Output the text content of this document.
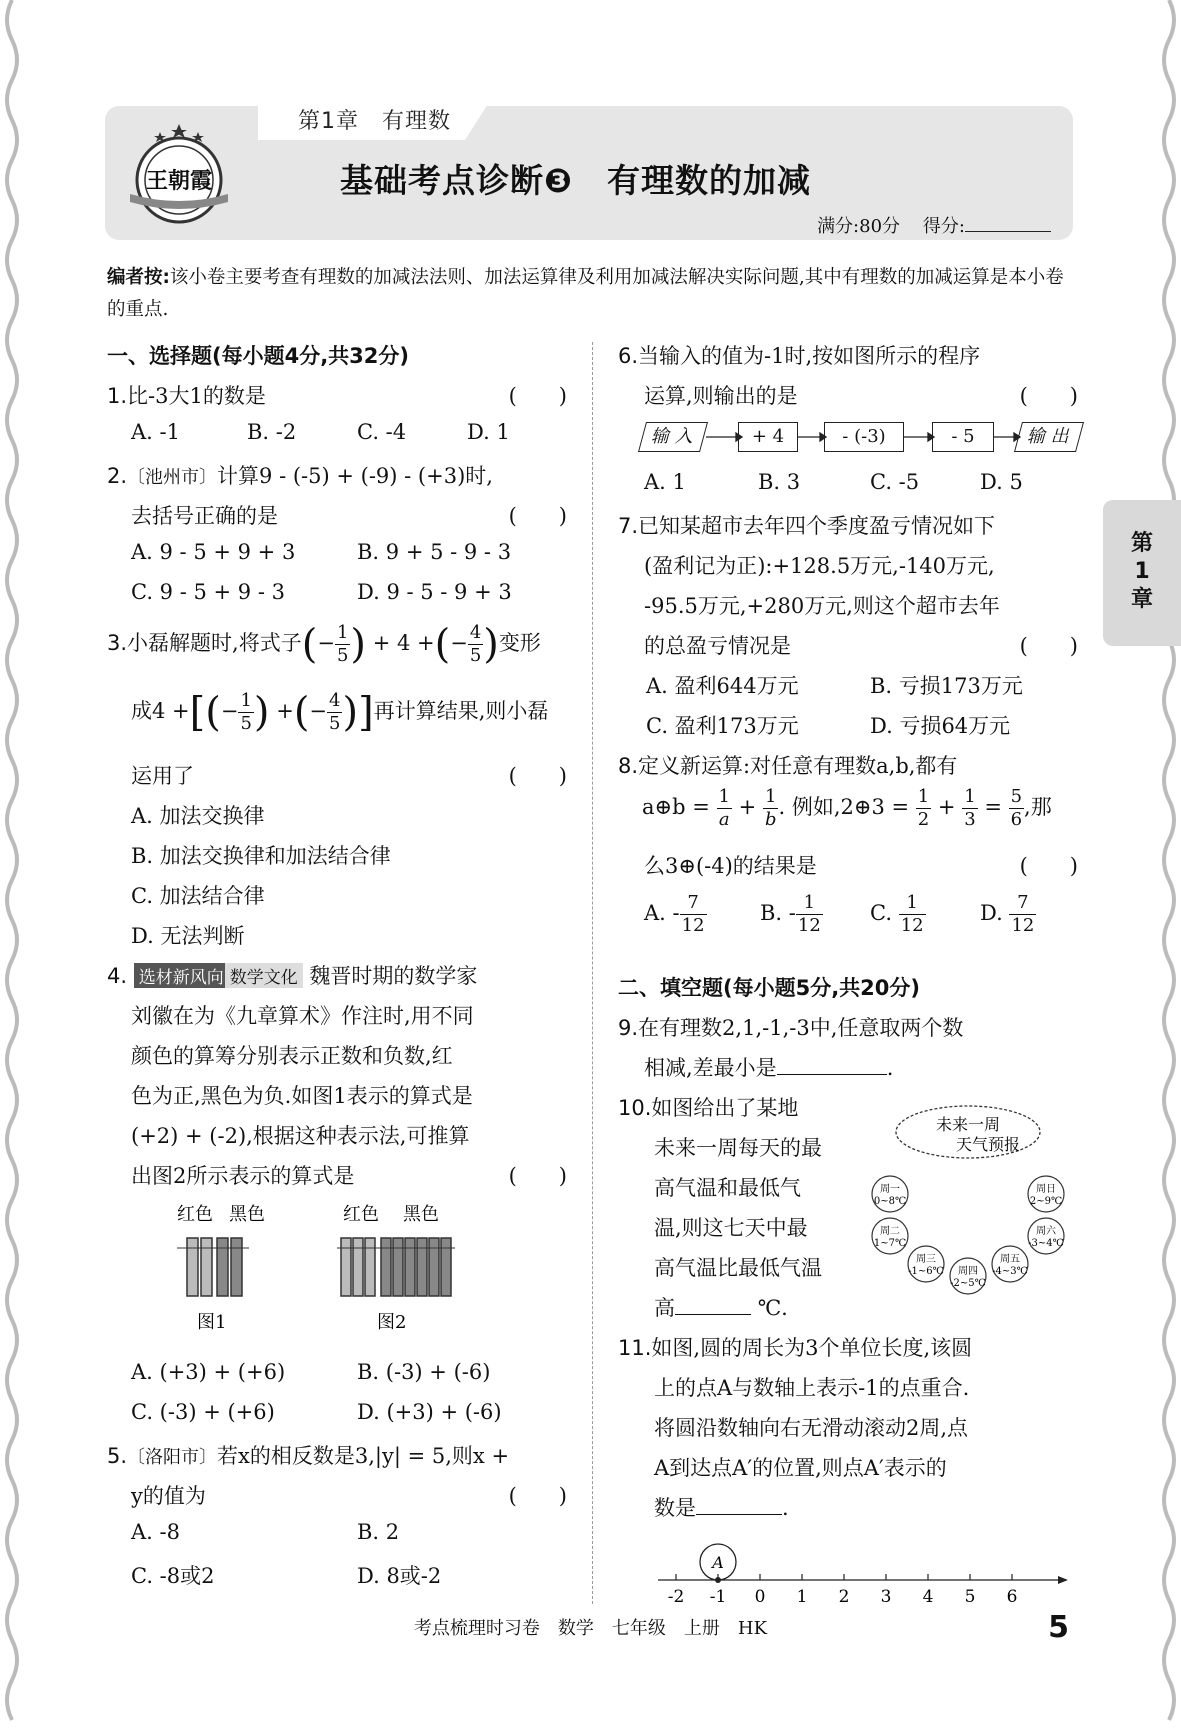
第1章　有理数
王朝霞	基础考点诊断❸　有理数的加减
满分:80分 得分:
编者按:该小卷主要考查有理数的加减法法则、加法运算律及利用加减法解决实际问题,其中有理数的加减运算是本小卷的重点.
一、选择题(每小题4分,共32分)
1.比-3大1的数是	(　　)
A. -1	B. -2	C. -4	D. 1
2.〔池州市〕计算9 - (-5) + (-9) - (+3)时,
去括号正确的是	(　　)
A. 9 - 5 + 9 + 3	B. 9 + 5 - 9 - 3
C. 9 - 5 + 9 - 3	D. 9 - 5 - 9 + 3
3.小磊解题时,将式子(− $\frac{1}{5}$ ) + 4 +(− $\frac{4}{5}$ )变形
成4 +[(− $\frac{1}{5}$ ) +(− $\frac{4}{5}$ )]再计算结果,则小磊
运用了	(　　)
A. 加法交换律
B. 加法交换律和加法结合律
C. 加法结合律
D. 无法判断
4. 选材新风向 数学文化 魏晋时期的数学家
刘徽在为《九章算术》作注时,用不同
颜色的算筹分别表示正数和负数,红
色为正,黑色为负.如图1表示的算式是
(+2) + (-2),根据这种表示法,可推算
出图2所示表示的算式是	(　　)
红色 黑色
图1
红色 黑色
图2
A. (+3) + (+6)	B. (-3) + (-6)
C. (-3) + (+6)	D. (+3) + (-6)
5.〔洛阳市〕若x的相反数是3,|y| = 5,则x +
y的值为	(　　)
A. -8	B. 2
C. -8或2	D. 8或-2
6.当输入的值为-1时,按如图所示的程序
运算,则输出的是	(　　)
输 入	+ 4	- (-3)	- 5	输 出
A. 1	B. 3	C. -5	D. 5
7.已知某超市去年四个季度盈亏情况如下
(盈利记为正):+128.5万元,-140万元,
-95.5万元,+280万元,则这个超市去年
的总盈亏情况是	(　　)
A. 盈利644万元	B. 亏损173万元
C. 盈利173万元	D. 亏损64万元
8.定义新运算:对任意有理数a,b,都有
a⊕b = $\frac{1}{a} + \frac{1}{b}$ . 例如,2⊕3 = $\frac{1}{2} + \frac{1}{3} = \frac{5}{6}$ ,那
么3⊕(-4)的结果是	(　　)
A. - $\frac{7}{12}$	B. - $\frac{1}{12} C$. $\frac{1}{12}$	D. $\frac{7}{12}$
二、填空题(每小题5分,共20分)
9.在有理数2,1,-1,-3中,任意取两个数
相减,差最小是	.
10.如图给出了某地
未来一周每天的最
高气温和最低气
温,则这七天中最
高气温比最低气温
高	℃.
未来一周
天气预报
周一
0~8℃
周日
2~9℃
周二
1~7℃
周六
-3~4℃
周三
-1~6℃ 周四
-2~5℃
周五
-4~3℃
11.如图,圆的周长为3个单位长度,该圆
上的点A与数轴上表示-1的点重合.
将圆沿数轴向右无滑动滚动2周,点
A到达点A′的位置,则点A′表示的
数是	.
A
-2 -1 0 1 2 3 4 5 6
第1章
考点梳理时习卷　数学　七年级　上册　HK	5
